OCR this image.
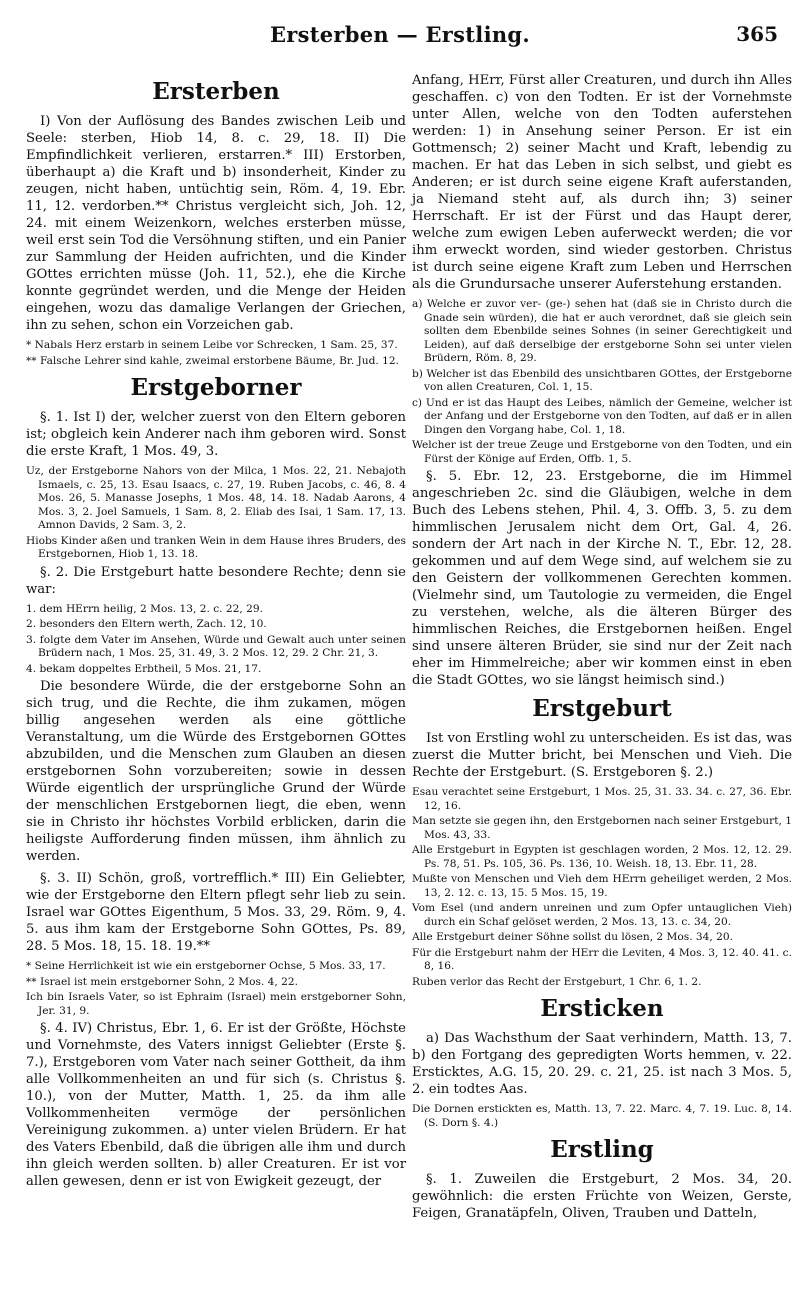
Ersterben — Erstling.	365
Ersterben

I) Von der Auflösung des Bandes zwischen Leib und Seele: sterben, Hiob 14, 8. c. 29, 18. II) Die Empfindlichkeit verlieren, erstarren.* III) Erstorben, überhaupt a) die Kraft und b) insonderheit, Kinder zu zeugen, nicht haben, untüchtig sein, Röm. 4, 19. Ebr. 11, 12. verdorben.** Christus vergleicht sich, Joh. 12, 24. mit einem Weizenkorn, welches ersterben müsse, weil erst sein Tod die Versöhnung stiften, und ein Panier zur Sammlung der Heiden aufrichten, und die Kinder GOttes errichten müsse (Joh. 11, 52.), ehe die Kirche konnte gegründet werden, und die Menge der Heiden eingehen, wozu das damalige Verlangen der Griechen, ihn zu sehen, schon ein Vorzeichen gab.

* Nabals Herz erstarb in seinem Leibe vor Schrecken, 1 Sam. 25, 37.

** Falsche Lehrer sind kahle, zweimal erstorbene Bäume, Br. Jud. 12.

Erstgeborner

§. 1. Ist I) der, welcher zuerst von den Eltern geboren ist; obgleich kein Anderer nach ihm geboren wird. Sonst die erste Kraft, 1 Mos. 49, 3.

Uz, der Erstgeborne Nahors von der Milca, 1 Mos. 22, 21. Nebajoth Ismaels, c. 25, 13. Esau Isaacs, c. 27, 19. Ruben Jacobs, c. 46, 8. 4 Mos. 26, 5. Manasse Josephs, 1 Mos. 48, 14. 18. Nadab Aarons, 4 Mos. 3, 2. Joel Samuels, 1 Sam. 8, 2. Eliab des Isai, 1 Sam. 17, 13. Amnon Davids, 2 Sam. 3, 2.

Hiobs Kinder aßen und tranken Wein in dem Hause ihres Bruders, des Erstgebornen, Hiob 1, 13. 18.

§. 2. Die Erstgeburt hatte besondere Rechte; denn sie war:

1. dem HErrn heilig, 2 Mos. 13, 2. c. 22, 29.

2. besonders den Eltern werth, Zach. 12, 10.

3. folgte dem Vater im Ansehen, Würde und Gewalt auch unter seinen Brüdern nach, 1 Mos. 25, 31. 49, 3. 2 Mos. 12, 29. 2 Chr. 21, 3.

4. bekam doppeltes Erbtheil, 5 Mos. 21, 17.

Die besondere Würde, die der erstgeborne Sohn an sich trug, und die Rechte, die ihm zukamen, mögen billig angesehen werden als eine göttliche Veranstaltung, um die Würde des Erstgebornen GOttes abzubilden, und die Menschen zum Glauben an diesen erstgebornen Sohn vorzubereiten; sowie in dessen Würde eigentlich der ursprüngliche Grund der Würde der menschlichen Erstgebornen liegt, die eben, wenn sie in Christo ihr höchstes Vorbild erblicken, darin die heiligste Aufforderung finden müssen, ihm ähnlich zu werden.

§. 3. II) Schön, groß, vortrefflich.* III) Ein Geliebter, wie der Erstgeborne den Eltern pflegt sehr lieb zu sein. Israel war GOttes Eigenthum, 5 Mos. 33, 29. Röm. 9, 4. 5. aus ihm kam der Erstgeborne Sohn GOttes, Ps. 89, 28. 5 Mos. 18, 15. 18. 19.**

* Seine Herrlichkeit ist wie ein erstgeborner Ochse, 5 Mos. 33, 17.

** Israel ist mein erstgeborner Sohn, 2 Mos. 4, 22.

Ich bin Israels Vater, so ist Ephraim (Israel) mein erstgeborner Sohn, Jer. 31, 9.

§. 4. IV) Christus, Ebr. 1, 6. Er ist der Größte, Höchste und Vornehmste, des Vaters innigst Geliebter (Erste §. 7.), Erstgeboren vom Vater nach seiner Gottheit, da ihm alle Vollkommenheiten an und für sich (s. Christus §. 10.), von der Mutter, Matth. 1, 25. da ihm alle Vollkommenheiten vermöge der persönlichen Vereinigung zukommen. a) unter vielen Brüdern. Er hat des Vaters Ebenbild, daß die übrigen alle ihm und durch ihn gleich werden sollten. b) aller Creaturen. Er ist vor allen gewesen, denn er ist von Ewigkeit gezeugt, der

Anfang, HErr, Fürst aller Creaturen, und durch ihn Alles geschaffen. c) von den Todten. Er ist der Vornehmste unter Allen, welche von den Todten auferstehen werden: 1) in Ansehung seiner Person. Er ist ein Gottmensch; 2) seiner Macht und Kraft, lebendig zu machen. Er hat das Leben in sich selbst, und giebt es Anderen; er ist durch seine eigene Kraft auferstanden, ja Niemand steht auf, als durch ihn; 3) seiner Herrschaft. Er ist der Fürst und das Haupt derer, welche zum ewigen Leben auferweckt werden; die vor ihm erweckt worden, sind wieder gestorben. Christus ist durch seine eigene Kraft zum Leben und Herrschen als die Grundursache unserer Auferstehung erstanden.

a) Welche er zuvor ver- (ge-) sehen hat (daß sie in Christo durch die Gnade sein würden), die hat er auch verordnet, daß sie gleich sein sollten dem Ebenbilde seines Sohnes (in seiner Gerechtigkeit und Leiden), auf daß derselbige der erstgeborne Sohn sei unter vielen Brüdern, Röm. 8, 29.

b) Welcher ist das Ebenbild des unsichtbaren GOttes, der Erstgeborne von allen Creaturen, Col. 1, 15.

c) Und er ist das Haupt des Leibes, nämlich der Gemeine, welcher ist der Anfang und der Erstgeborne von den Todten, auf daß er in allen Dingen den Vorgang habe, Col. 1, 18.

Welcher ist der treue Zeuge und Erstgeborne von den Todten, und ein Fürst der Könige auf Erden, Offb. 1, 5.

§. 5. Ebr. 12, 23. Erstgeborne, die im Himmel angeschrieben 2c. sind die Gläubigen, welche in dem Buch des Lebens stehen, Phil. 4, 3. Offb. 3, 5. zu dem himmlischen Jerusalem nicht dem Ort, Gal. 4, 26. sondern der Art nach in der Kirche N. T., Ebr. 12, 28. gekommen und auf dem Wege sind, auf welchem sie zu den Geistern der vollkommenen Gerechten kommen. (Vielmehr sind, um Tautologie zu vermeiden, die Engel zu verstehen, welche, als die älteren Bürger des himmlischen Reiches, die Erstgebornen heißen. Engel sind unsere älteren Brüder, sie sind nur der Zeit nach eher im Himmelreiche; aber wir kommen einst in eben die Stadt GOttes, wo sie längst heimisch sind.)

Erstgeburt

Ist von Erstling wohl zu unterscheiden. Es ist das, was zuerst die Mutter bricht, bei Menschen und Vieh. Die Rechte der Erstgeburt. (S. Erstgeboren §. 2.)

Esau verachtet seine Erstgeburt, 1 Mos. 25, 31. 33. 34. c. 27, 36. Ebr. 12, 16.

Man setzte sie gegen ihn, den Erstgebornen nach seiner Erstgeburt, 1 Mos. 43, 33.

Alle Erstgeburt in Egypten ist geschlagen worden, 2 Mos. 12, 12. 29. Ps. 78, 51. Ps. 105, 36. Ps. 136, 10. Weish. 18, 13. Ebr. 11, 28.

Mußte von Menschen und Vieh dem HErrn geheiliget werden, 2 Mos. 13, 2. 12. c. 13, 15. 5 Mos. 15, 19.

Vom Esel (und andern unreinen und zum Opfer untauglichen Vieh) durch ein Schaf gelöset werden, 2 Mos. 13, 13. c. 34, 20.

Alle Erstgeburt deiner Söhne sollst du lösen, 2 Mos. 34, 20.

Für die Erstgeburt nahm der HErr die Leviten, 4 Mos. 3, 12. 40. 41. c. 8, 16.

Ruben verlor das Recht der Erstgeburt, 1 Chr. 6, 1. 2.

Ersticken

a) Das Wachsthum der Saat verhindern, Matth. 13, 7. b) den Fortgang des gepredigten Worts hemmen, v. 22. Ersticktes, A.G. 15, 20. 29. c. 21, 25. ist nach 3 Mos. 5, 2. ein todtes Aas.

Die Dornen erstickten es, Matth. 13, 7. 22. Marc. 4, 7. 19. Luc. 8, 14. (S. Dorn §. 4.)

Erstling

§. 1. Zuweilen die Erstgeburt, 2 Mos. 34, 20. gewöhnlich: die ersten Früchte von Weizen, Gerste, Feigen, Granatäpfeln, Oliven, Trauben und Datteln,
